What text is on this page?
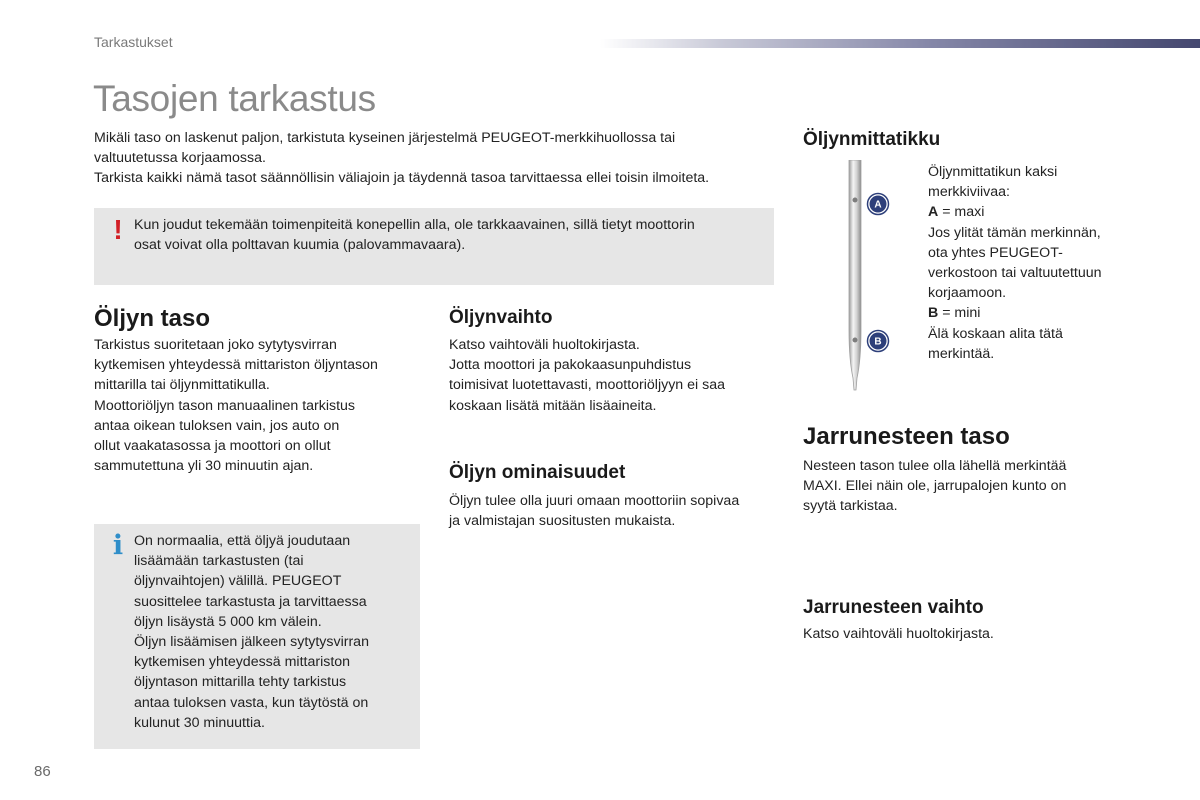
Tarkastukset
Tasojen tarkastus
Mikäli taso on laskenut paljon, tarkistuta kyseinen järjestelmä PEUGEOT-merkkihuollossa tai
valtuutetussa korjaamossa.
Tarkista kaikki nämä tasot säännöllisin väliajoin ja täydennä tasoa tarvittaessa ellei toisin ilmoiteta.
! Kun joudut tekemään toimenpiteitä konepellin alla, ole tarkkaavainen, sillä tietyt moottorin
osat voivat olla polttavan kuumia (palovammavaara).
Öljyn taso
Tarkistus suoritetaan joko sytytysvirran
kytkemisen yhteydessä mittariston öljyntason
mittarilla tai öljynmittatikulla.
Moottoriöljyn tason manuaalinen tarkistus
antaa oikean tuloksen vain, jos auto on
ollut vaakatasossa ja moottori on ollut
sammutettuna yli 30 minuutin ajan.
i On normaalia, että öljyä joudutaan
lisäämään tarkastusten (tai
öljynvaihtojen) välillä. PEUGEOT
suosittelee tarkastusta ja tarvittaessa
öljyn lisäystä 5 000 km välein.
Öljyn lisäämisen jälkeen sytytysvirran
kytkemisen yhteydessä mittariston
öljyntason mittarilla tehty tarkistus
antaa tuloksen vasta, kun täytöstä on
kulunut 30 minuuttia.
Öljynvaihto
Katso vaihtoväli huoltokirjasta.
Jotta moottori ja pakokaasunpuhdistus
toimisivat luotettavasti, moottoriöljyyn ei saa
koskaan lisätä mitään lisäaineita.
Öljyn ominaisuudet
Öljyn tulee olla juuri omaan moottoriin sopivaa
ja valmistajan suositusten mukaista.
Öljynmittatikku
A
B
Öljynmittatikun kaksi
merkkiviivaa:
A = maxi
Jos ylität tämän merkinnän,
ota yhtes PEUGEOT-
verkostoon tai valtuutettuun
korjaamoon.
B = mini
Älä koskaan alita tätä
merkintää.
Jarrunesteen taso
Nesteen tason tulee olla lähellä merkintää
MAXI. Ellei näin ole, jarrupalojen kunto on
syytä tarkistaa.
Jarrunesteen vaihto
Katso vaihtoväli huoltokirjasta.
86
